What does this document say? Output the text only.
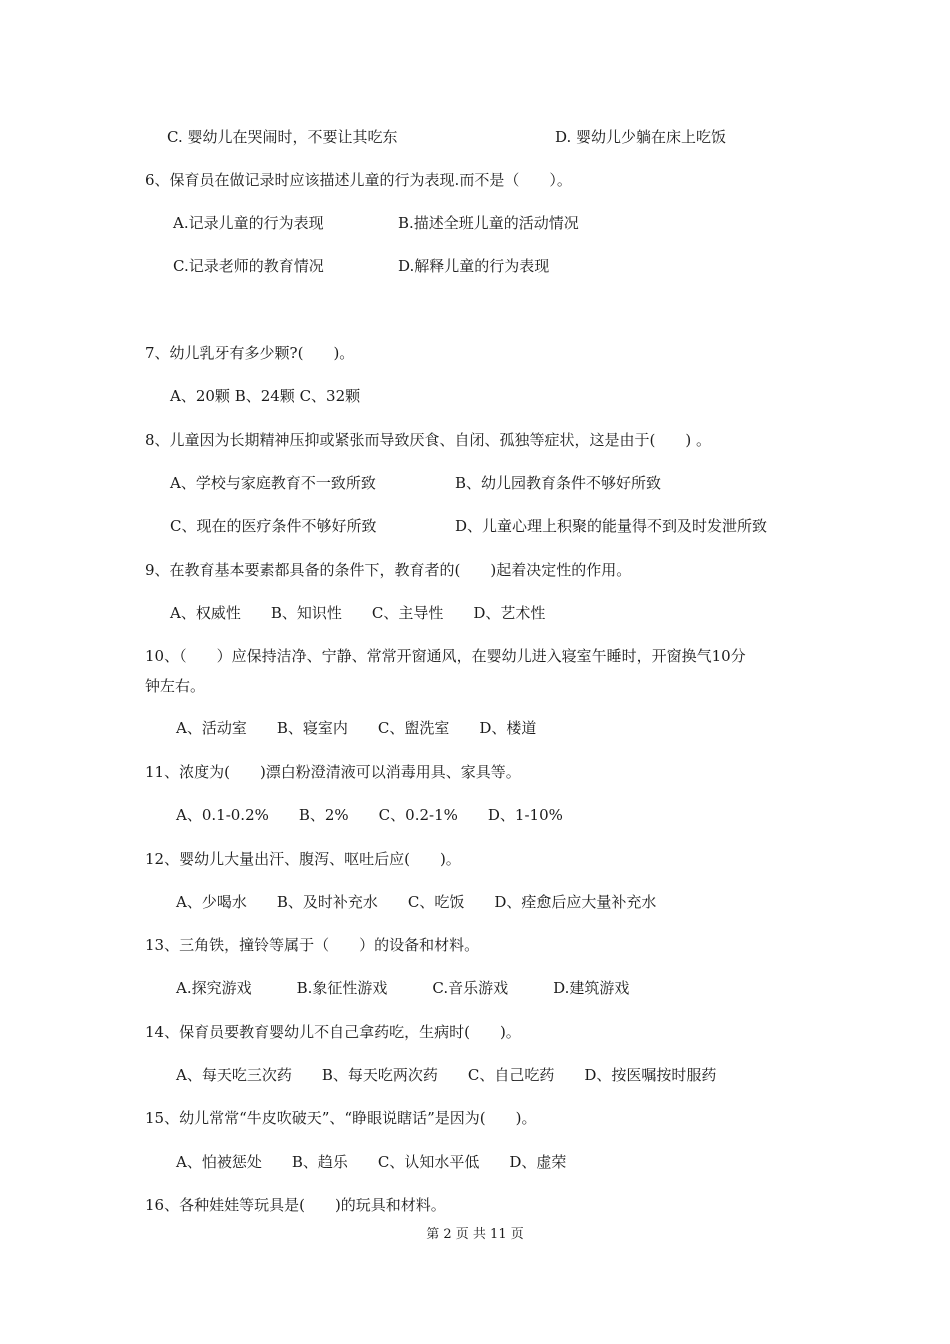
C. 婴幼儿在哭闹时，不要让其吃东	D. 婴幼儿少躺在床上吃饭
6、保育员在做记录时应该描述儿童的行为表现.而不是（　　）。
A.记录儿童的行为表现	B.描述全班儿童的活动情况
C.记录老师的教育情况	D.解释儿童的行为表现
7、幼儿乳牙有多少颗?(　　)。
A、20颗 B、24颗 C、32颗
8、儿童因为长期精神压抑或紧张而导致厌食、自闭、孤独等症状，这是由于(　　) 。
A、学校与家庭教育不一致所致	B、幼儿园教育条件不够好所致
C、现在的医疗条件不够好所致	D、儿童心理上积聚的能量得不到及时发泄所致
9、在教育基本要素都具备的条件下，教育者的(　　)起着决定性的作用。
A、权威性　　B、知识性　　C、主导性　　D、艺术性
10、（　　）应保持洁净、宁静、常常开窗通风，在婴幼儿进入寝室午睡时，开窗换气10分
钟左右。
A、活动室　　B、寝室内　　C、盥洗室　　D、楼道
11、浓度为(　　)漂白粉澄清液可以消毒用具、家具等。
A、0.1-0.2%　　B、2%　　C、0.2-1%　　D、1-10%
12、婴幼儿大量出汗、腹泻、呕吐后应(　　)。
A、少喝水　　B、及时补充水　　C、吃饭　　D、痊愈后应大量补充水
13、三角铁，撞铃等属于（　　）的设备和材料。
A.探究游戏　　　B.象征性游戏　　　C.音乐游戏　　　D.建筑游戏
14、保育员要教育婴幼儿不自己拿药吃，生病时(　　)。
A、每天吃三次药　　B、每天吃两次药　　C、自己吃药　　D、按医嘱按时服药
15、幼儿常常“牛皮吹破天”、“睁眼说瞎话”是因为(　　)。
A、怕被惩处　　B、趋乐　　C、认知水平低　　D、虚荣
16、各种娃娃等玩具是(　　)的玩具和材料。
第 2 页 共 11 页
